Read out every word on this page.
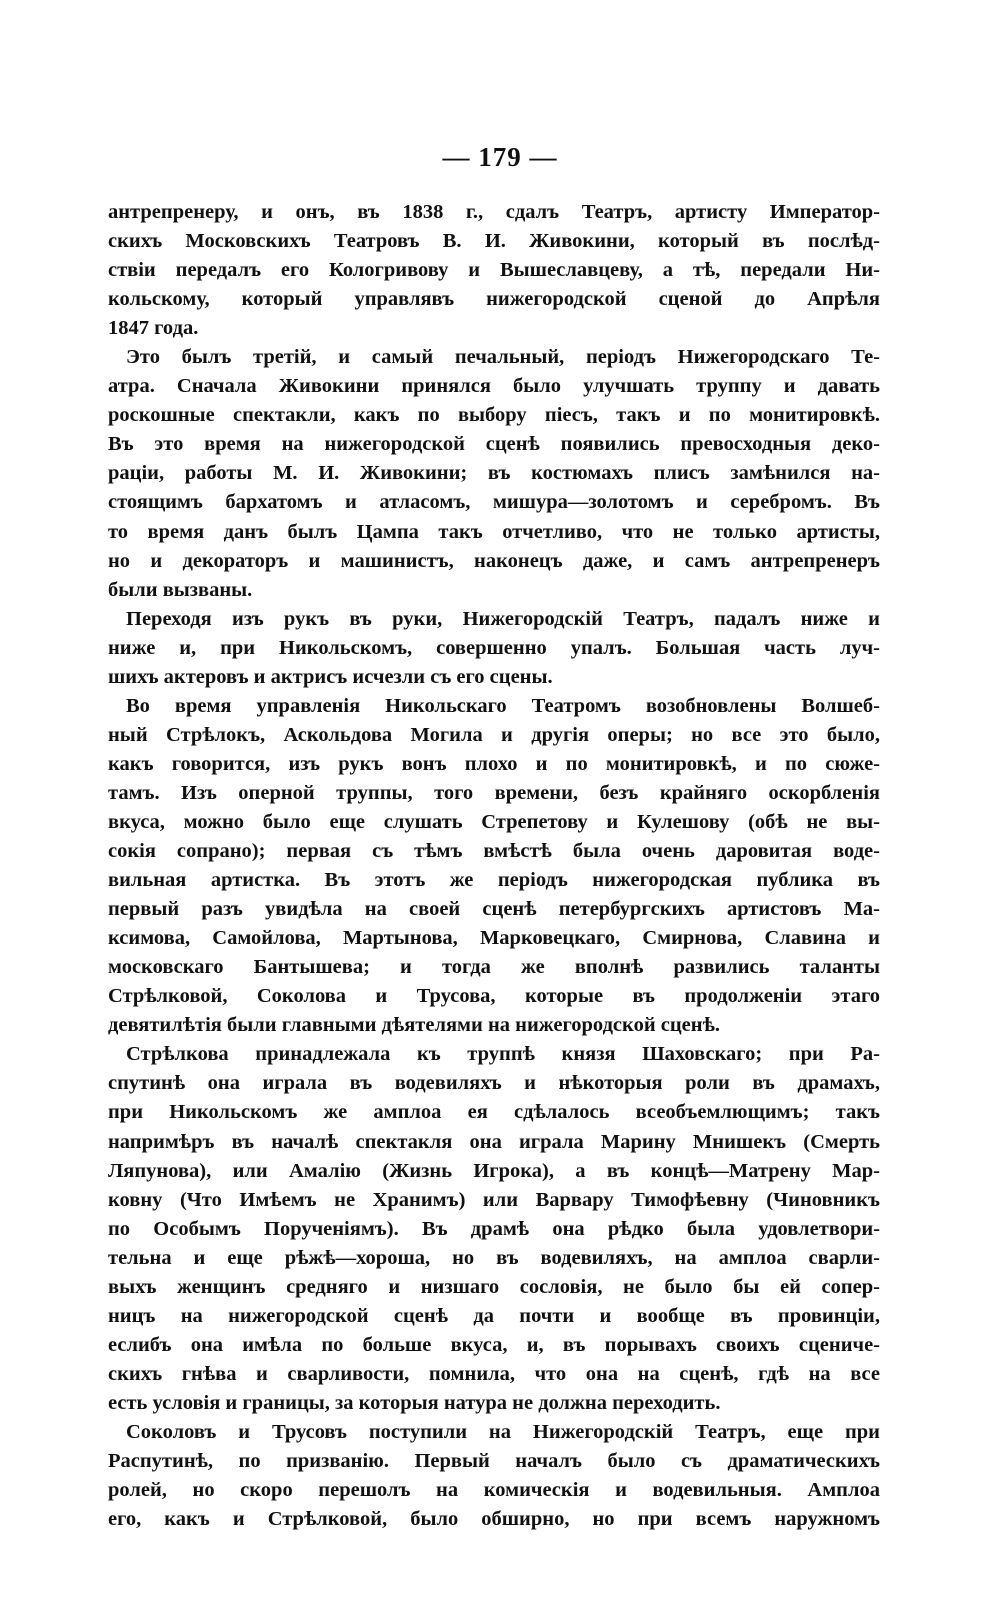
— 179 —
антрепренеру, и онъ, въ 1838 г., сдалъ Театръ, артисту Император-
скихъ Московскихъ Театровъ В. И. Живокини, который въ послѣд-
ствіи передалъ его Кологривову и Вышеславцеву, а тѣ, передали Ни-
кольскому, который управлявъ нижегородской сценой до Апрѣля
1847 года.
Это былъ третій, и самый печальный, періодъ Нижегородскаго Те-
атра. Сначала Живокини принялся было улучшать труппу и давать
роскошные спектакли, какъ по выбору піесъ, такъ и по монитировкѣ.
Въ это время на нижегородской сценѣ появились превосходныя деко-
раціи, работы М. И. Живокини; въ костюмахъ плисъ замѣнился на-
стоящимъ бархатомъ и атласомъ, мишура—золотомъ и серебромъ. Въ
то время данъ былъ Цампа такъ отчетливо, что не только артисты,
но и декораторъ и машинистъ, наконецъ даже, и самъ антрепренеръ
были вызваны.
Переходя изъ рукъ въ руки, Нижегородскій Театръ, падалъ ниже и
ниже и, при Никольскомъ, совершенно упалъ. Большая часть луч-
шихъ актеровъ и актрисъ исчезли съ его сцены.
Во время управленія Никольскаго Театромъ возобновлены Волшеб-
ный Стрѣлокъ, Аскольдова Могила и другія оперы; но все это было,
какъ говорится, изъ рукъ вонъ плохо и по монитировкѣ, и по сюже-
тамъ. Изъ оперной труппы, того времени, безъ крайняго оскорбленія
вкуса, можно было еще слушать Стрепетову и Кулешову (обѣ не вы-
сокія сопрано); первая съ тѣмъ вмѣстѣ была очень даровитая воде-
вильная артистка. Въ этотъ же періодъ нижегородская публика въ
первый разъ увидѣла на своей сценѣ петербургскихъ артистовъ Ма-
ксимова, Самойлова, Мартынова, Марковецкаго, Смирнова, Славина и
московскаго Бантышева; и тогда же вполнѣ развились таланты
Стрѣлковой, Соколова и Трусова, которые въ продолженіи этаго
девятилѣтія были главными дѣятелями на нижегородской сценѣ.
Стрѣлкова принадлежала къ труппѣ князя Шаховскаго; при Ра-
спутинѣ она играла въ водевиляхъ и нѣкоторыя роли въ драмахъ,
при Никольскомъ же амплоа ея сдѣлалось всеобъемлющимъ; такъ
напримѣръ въ началѣ спектакля она играла Марину Мнишекъ (Смерть
Ляпунова), или Амалію (Жизнь Игрока), а въ концѣ—Матрену Мар-
ковну (Что Имѣемъ не Хранимъ) или Варвару Тимофѣевну (Чиновникъ
по Особымъ Порученіямъ). Въ драмѣ она рѣдко была удовлетвори-
тельна и еще рѣжѣ—хороша, но въ водевиляхъ, на амплоа сварли-
выхъ женщинъ средняго и низшаго сословія, не было бы ей сопер-
ницъ на нижегородской сценѣ да почти и вообще въ провинціи,
еслибъ она имѣла по больше вкуса, и, въ порывахъ своихъ сцениче-
скихъ гнѣва и сварливости, помнила, что она на сценѣ, гдѣ на все
есть условія и границы, за которыя натура не должна переходить.
Соколовъ и Трусовъ поступили на Нижегородскій Театръ, еще при
Распутинѣ, по призванію. Первый началъ было съ драматическихъ
ролей, но скоро перешолъ на комическія и водевильныя. Амплоа
его, какъ и Стрѣлковой, было обширно, но при всемъ наружномъ
